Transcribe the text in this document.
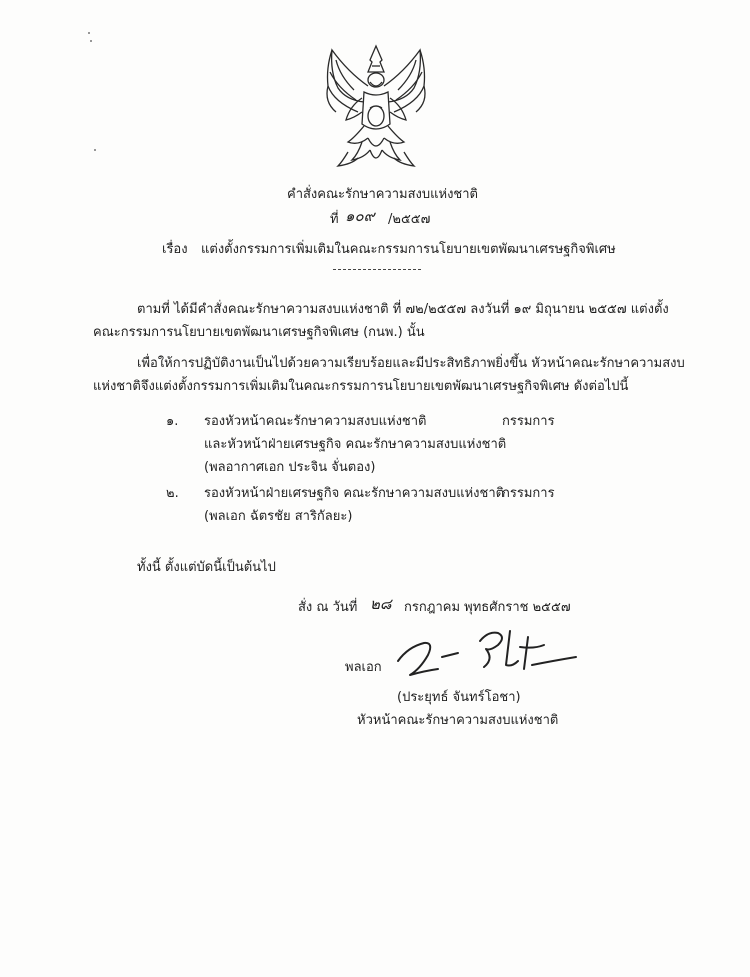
คำสั่งคณะรักษาความสงบแห่งชาติ
ที่ ๑๐๙ /๒๕๕๗
เรื่อง แต่งตั้งกรรมการเพิ่มเติมในคณะกรรมการนโยบายเขตพัฒนาเศรษฐกิจพิเศษ
ตามที่ ได้มีคำสั่งคณะรักษาความสงบแห่งชาติ ที่ ๗๒/๒๕๕๗ ลงวันที่ ๑๙ มิถุนายน ๒๕๕๗ แต่งตั้ง
คณะกรรมการนโยบายเขตพัฒนาเศรษฐกิจพิเศษ (กนพ.) นั้น
เพื่อให้การปฏิบัติงานเป็นไปด้วยความเรียบร้อยและมีประสิทธิภาพยิ่งขึ้น หัวหน้าคณะรักษาความสงบ
แห่งชาติจึงแต่งตั้งกรรมการเพิ่มเติมในคณะกรรมการนโยบายเขตพัฒนาเศรษฐกิจพิเศษ ดังต่อไปนี้
๑. รองหัวหน้าคณะรักษาความสงบแห่งชาติ	กรรมการ
และหัวหน้าฝ่ายเศรษฐกิจ คณะรักษาความสงบแห่งชาติ
(พลอากาศเอก ประจิน จั่นตอง)
๒. รองหัวหน้าฝ่ายเศรษฐกิจ คณะรักษาความสงบแห่งชาติ
กรรมการ
(พลเอก ฉัตรชัย สาริกัลยะ)
ทั้งนี้ ตั้งแต่บัดนี้เป็นต้นไป
สั่ง ณ วันที่ ๒๘ กรกฎาคม พุทธศักราช ๒๕๕๗
พลเอก
(ประยุทธ์ จันทร์โอชา)
หัวหน้าคณะรักษาความสงบแห่งชาติ
